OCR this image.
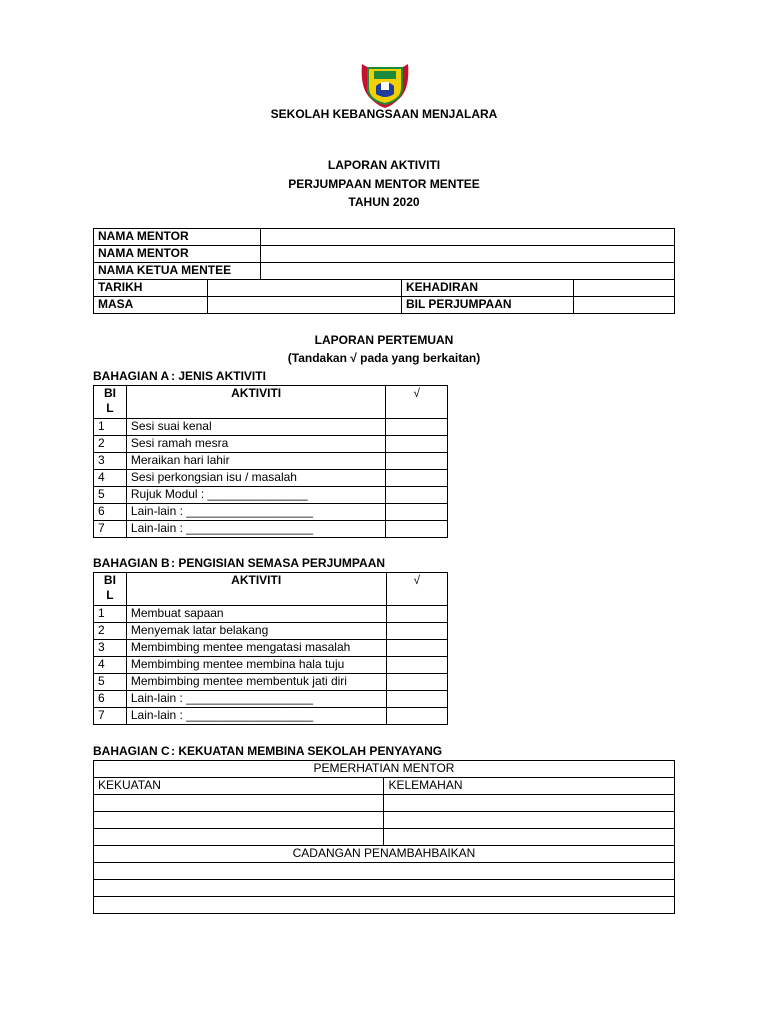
SEKOLAH KEBANGSAAN MENJALARA
LAPORAN AKTIVITI
PERJUMPAAN MENTOR MENTEE
TAHUN 2020
NAMA MENTOR				
NAMA MENTOR				
NAMA KETUA MENTEE				
TARIKH			KEHADIRAN	
MASA			BIL PERJUMPAAN	
LAPORAN PERTEMUAN
(Tandakan √ pada yang berkaitan)
BAHAGIAN A : JENIS AKTIVITI
BI
L	AKTIVITI	√
1	Sesi suai kenal	
2	Sesi ramah mesra	
3	Meraikan hari lahir	
4	Sesi perkongsian isu / masalah	
5	Rujuk Modul : _______________	
6	Lain-lain : ___________________	
7	Lain-lain : ___________________	
BAHAGIAN B : PENGISIAN SEMASA PERJUMPAAN
BI
L	AKTIVITI	√
1	Membuat sapaan	
2	Menyemak latar belakang	
3	Membimbing mentee mengatasi masalah	
4	Membimbing mentee membina hala tuju	
5	Membimbing mentee membentuk jati diri	
6	Lain-lain : ___________________	
7	Lain-lain : ___________________	
BAHAGIAN C : KEKUATAN MEMBINA SEKOLAH PENYAYANG
PEMERHATIAN MENTOR	
KEKUATAN	KELEMAHAN

CADANGAN PENAMBAHBAIKAN	
